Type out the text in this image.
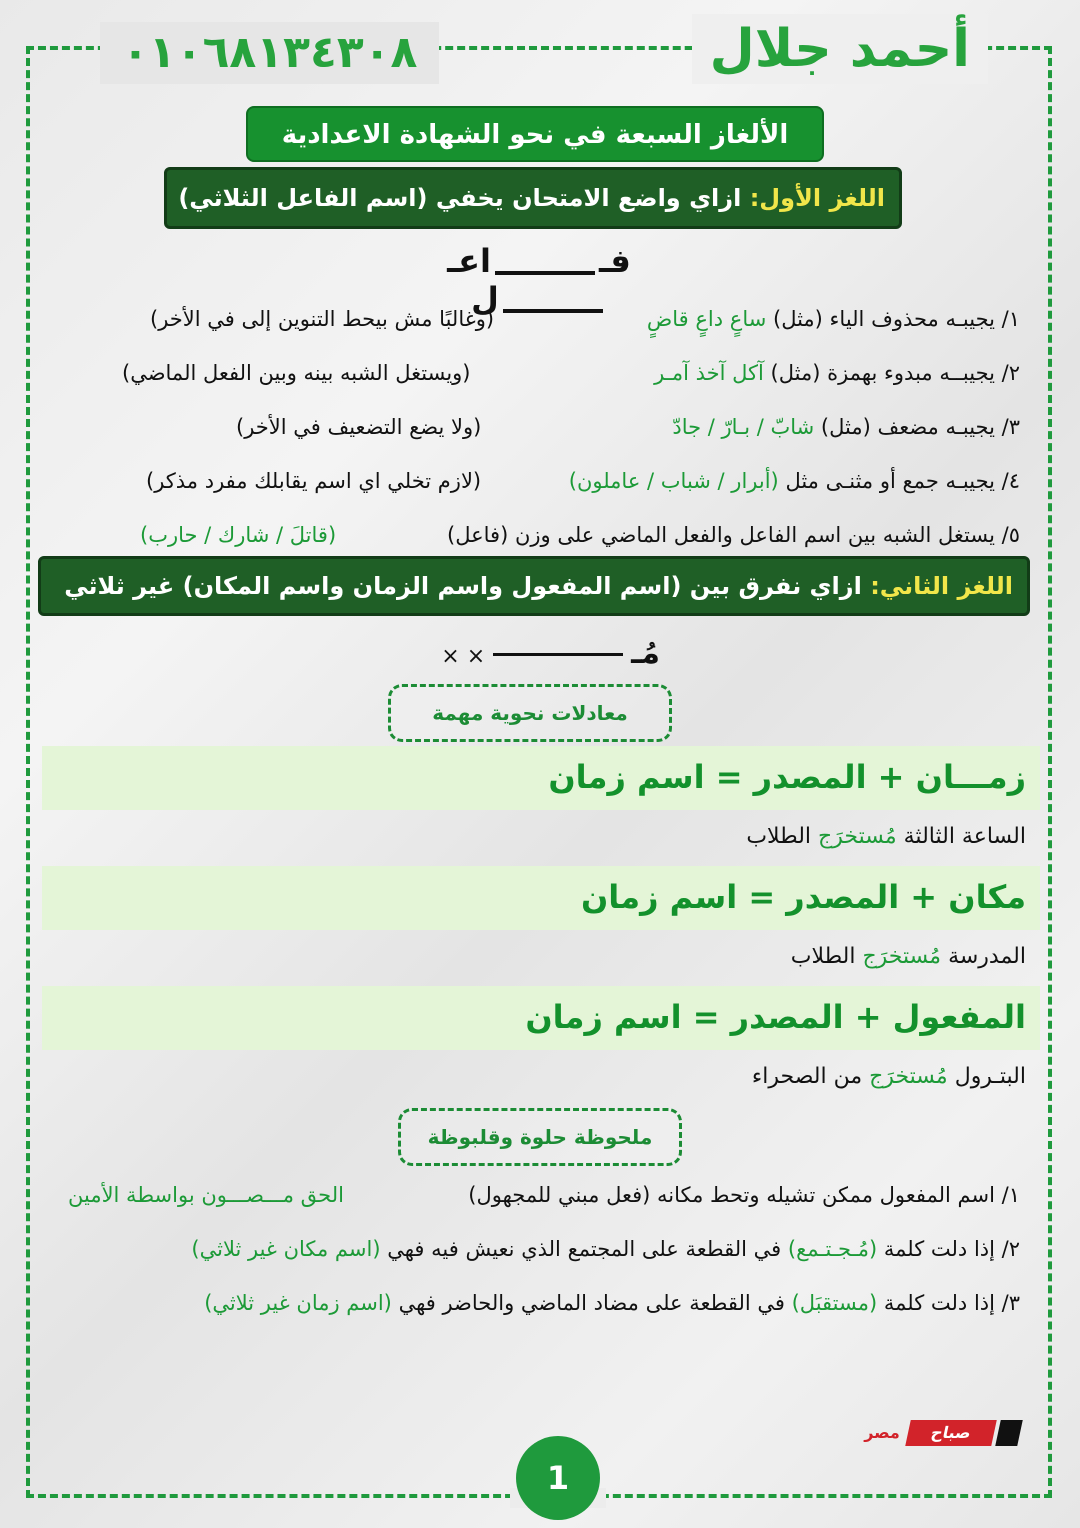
أحمد جلال
٠١٠٦٨١٣٤٣٠٨
الألغاز السبعة في نحو الشهادة الاعدادية
اللغز الأول: ازاي واضع الامتحان يخفي (اسم الفاعل الثلاثي)
فـاعـل
١/ يجيبـه محذوف الياء (مثل) ساعٍ داعٍ قاضٍ
(وغالبًا مش بيحط التنوين إلى في الأخر)
٢/ يجيبــه مبدوء بهمزة (مثل) آكل آخذ آمـر
(ويستغل الشبه بينه وبين الفعل الماضي)
٣/ يجيبـه مضعف (مثل) شابّ / بـارّ / جادّ
(ولا يضع التضعيف في الأخر)
٤/ يجيبـه جمع أو مثنـى مثل (أبرار / شباب / عاملون)
(لازم تخلي اي اسم يقابلك مفرد مذكر)
٥/ يستغل الشبه بين اسم الفاعل والفعل الماضي على وزن (فاعل)
(قاتلَ / شارك / حارب)
اللغز الثاني: ازاي نفرق بين (اسم المفعول واسم الزمان واسم المكان) غير ثلاثي
مُـ× ×
معادلات نحوية مهمة
زمـــان + المصدر = اسم زمان
الساعة الثالثة مُستخرَج الطلاب
مكان + المصدر = اسم زمان
المدرسة مُستخرَج الطلاب
المفعول + المصدر = اسم زمان
البتـرول مُستخرَج من الصحراء
ملحوظة حلوة وقلبوظة
١/ اسم المفعول ممكن تشيله وتحط مكانه (فعل مبني للمجهول)
الحق مـــصـــون بواسطة الأمين
٢/ إذا دلت كلمة (مُـجـتـمع) في القطعة على المجتمع الذي نعيش فيه فهي (اسم مكان غير ثلاثي)
٣/ إذا دلت كلمة (مستقبَل) في القطعة على مضاد الماضي والحاضر فهي (اسم زمان غير ثلاثي)
صباح
مصر
1
